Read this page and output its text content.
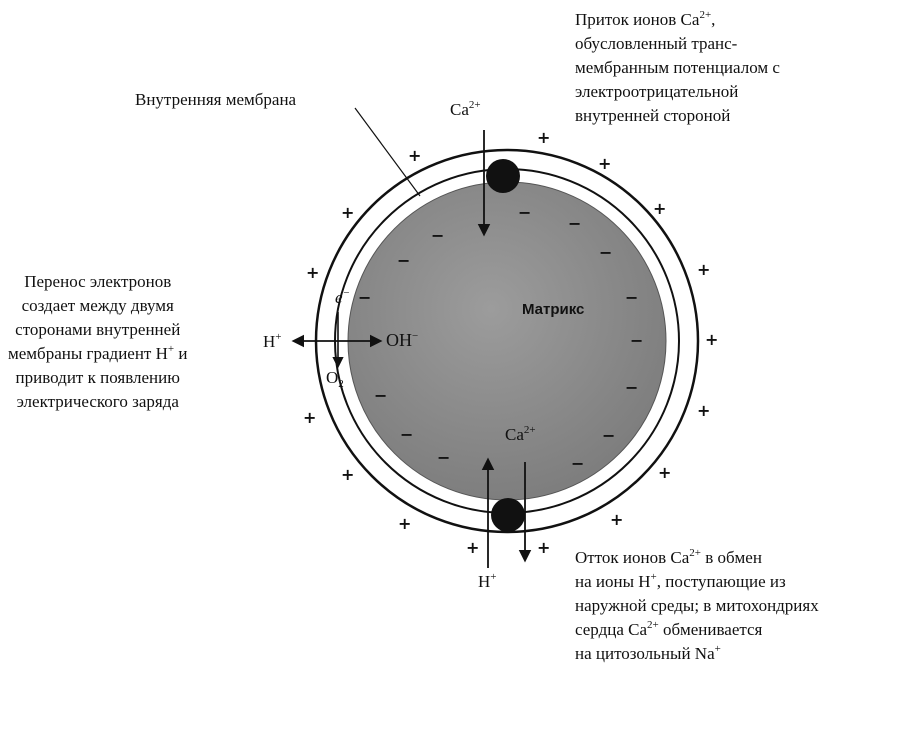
Внутренняя мембрана
Матрикс
$Ca^{2+}$
$Ca^{2+}$
H+	OH−
e−
$O_2$
H+
Приток ионов $Ca^{2+}$,
обусловленный транс-
мембранным потенциалом с
электроотрицательной
внутренней стороной
Перенос электронов
создает между двумя
сторонами внутренней
мембраны градиент H+ и
приводит к появлению
электрического заряда
Отток ионов $Ca^{2+}$ в обмен
на ионы H+, поступающие из
наружной среды; в митохондриях
сердца $Ca^{2+}$ обменивается
на цитозольный Na+
+
+
+
+	+
+	+
+
+	+
+	+
+	+
+	+
−
−
−
−
−
−
−
−
−	−
−	−
−	−
